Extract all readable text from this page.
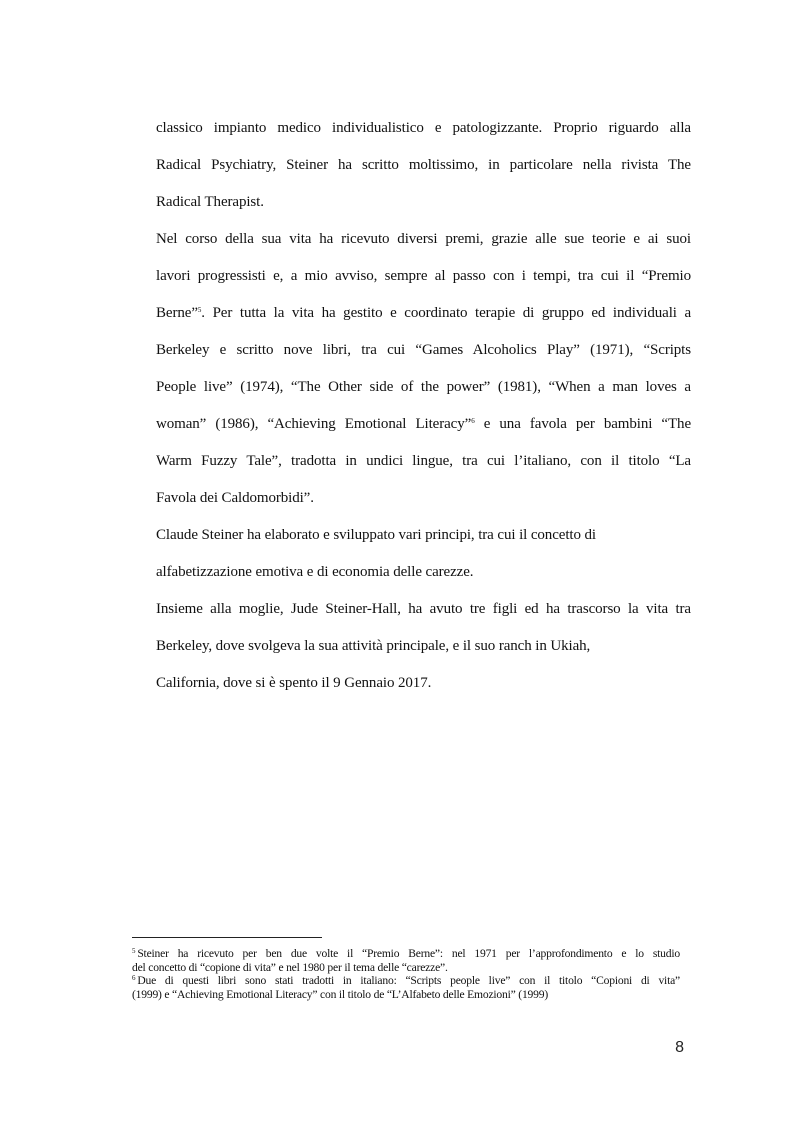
classico impianto medico individualistico e patologizzante. Proprio riguardo alla
Radical Psychiatry, Steiner ha scritto moltissimo, in particolare nella rivista The
Radical Therapist.
Nel corso della sua vita ha ricevuto diversi premi, grazie alle sue teorie e ai suoi
lavori progressisti e, a mio avviso, sempre al passo con i tempi, tra cui il “Premio
Berne”$^5$. Per tutta la vita ha gestito e coordinato terapie di gruppo ed individuali a
Berkeley e scritto nove libri, tra cui “Games Alcoholics Play” (1971), “Scripts
People live” (1974), “The Other side of the power” (1981), “When a man loves a
woman” (1986), “Achieving Emotional Literacy”$^6$ e una favola per bambini “The
Warm Fuzzy Tale”, tradotta in undici lingue, tra cui l’italiano, con il titolo “La
Favola dei Caldomorbidi”.
Claude Steiner ha elaborato e sviluppato vari principi, tra cui il concetto di
alfabetizzazione emotiva e di economia delle carezze.
Insieme alla moglie, Jude Steiner-Hall, ha avuto tre figli ed ha trascorso la vita tra
Berkeley, dove svolgeva la sua attività principale, e il suo ranch in Ukiah,
California, dove si è spento il 9 Gennaio 2017.
$^5$ Steiner ha ricevuto per ben due volte il “Premio Berne”: nel 1971 per l’approfondimento e lo studio
del concetto di “copione di vita” e nel 1980 per il tema delle “carezze”.
$^6$ Due di questi libri sono stati tradotti in italiano: “Scripts people live” con il titolo “Copioni di vita”
(1999) e “Achieving Emotional Literacy” con il titolo de “L’Alfabeto delle Emozioni” (1999)
8
